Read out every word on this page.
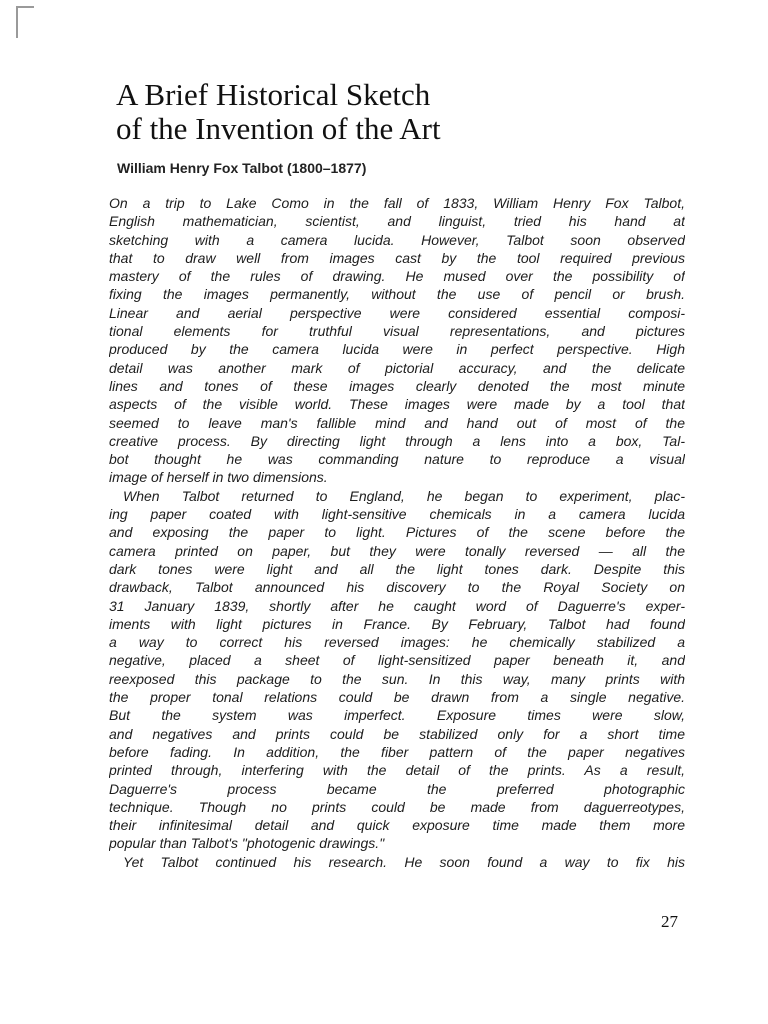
A Brief Historical Sketch
of the Invention of the Art
William Henry Fox Talbot (1800–1877)
On a trip to Lake Como in the fall of 1833, William Henry Fox Talbot,
English mathematician, scientist, and linguist, tried his hand at
sketching with a camera lucida. However, Talbot soon observed
that to draw well from images cast by the tool required previous
mastery of the rules of drawing. He mused over the possibility of
fixing the images permanently, without the use of pencil or brush.
Linear and aerial perspective were considered essential composi-
tional elements for truthful visual representations, and pictures
produced by the camera lucida were in perfect perspective. High
detail was another mark of pictorial accuracy, and the delicate
lines and tones of these images clearly denoted the most minute
aspects of the visible world. These images were made by a tool that
seemed to leave man's fallible mind and hand out of most of the
creative process. By directing light through a lens into a box, Tal-
bot thought he was commanding nature to reproduce a visual
image of herself in two dimensions.
When Talbot returned to England, he began to experiment, plac-
ing paper coated with light-sensitive chemicals in a camera lucida
and exposing the paper to light. Pictures of the scene before the
camera printed on paper, but they were tonally reversed — all the
dark tones were light and all the light tones dark. Despite this
drawback, Talbot announced his discovery to the Royal Society on
31 January 1839, shortly after he caught word of Daguerre's exper-
iments with light pictures in France. By February, Talbot had found
a way to correct his reversed images: he chemically stabilized a
negative, placed a sheet of light-sensitized paper beneath it, and
reexposed this package to the sun. In this way, many prints with
the proper tonal relations could be drawn from a single negative.
But the system was imperfect. Exposure times were slow,
and negatives and prints could be stabilized only for a short time
before fading. In addition, the fiber pattern of the paper negatives
printed through, interfering with the detail of the prints. As a result,
Daguerre's process became the preferred photographic
technique. Though no prints could be made from daguerreotypes,
their infinitesimal detail and quick exposure time made them more
popular than Talbot's "photogenic drawings."
Yet Talbot continued his research. He soon found a way to fix his
27
